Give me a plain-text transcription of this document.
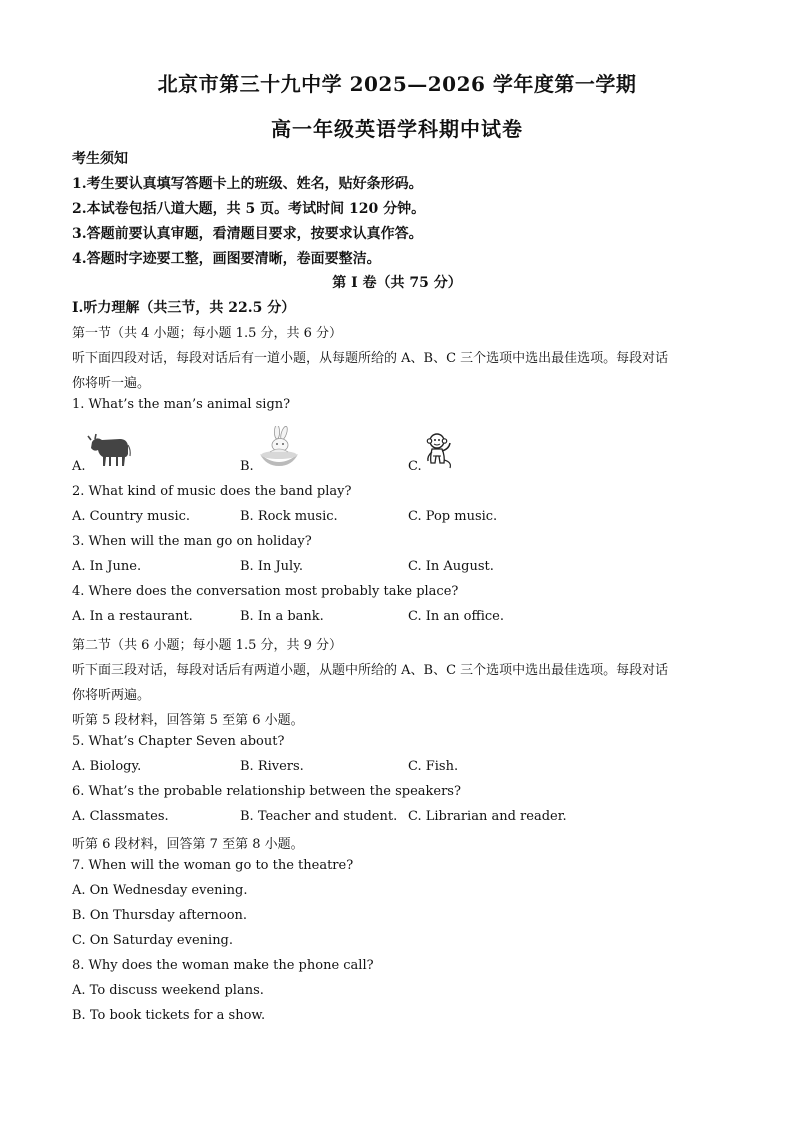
北京市第三十九中学 2025—2026 学年度第一学期
高一年级英语学科期中试卷
考生须知
1.考生要认真填写答题卡上的班级、姓名，贴好条形码。
2.本试卷包括八道大题，共 5 页。考试时间 120 分钟。
3.答题前要认真审题，看清题目要求，按要求认真作答。
4.答题时字迹要工整，画图要清晰，卷面要整洁。
第 I 卷（共 75 分）
I.听力理解（共三节，共 22.5 分）
第一节（共 4 小题；每小题 1.5 分，共 6 分）
听下面四段对话，每段对话后有一道小题，从每题所给的 A、B、C 三个选项中选出最佳选项。每段对话
你将听一遍。
1. What’s the man’s animal sign?
A.	B.	C.
2. What kind of music does the band play?
A. Country music.	B. Rock music.	C. Pop music.
3. When will the man go on holiday?
A. In June.	B. In July.	C. In August.
4. Where does the conversation most probably take place?
A. In a restaurant.	B. In a bank.	C. In an office.
第二节（共 6 小题；每小题 1.5 分，共 9 分）
听下面三段对话，每段对话后有两道小题，从题中所给的 A、B、C 三个选项中选出最佳选项。每段对话
你将听两遍。
听第 5 段材料，回答第 5 至第 6 小题。
5. What’s Chapter Seven about?
A. Biology.	B. Rivers.	C. Fish.
6. What’s the probable relationship between the speakers?
A. Classmates.	B. Teacher and student. C. Librarian and reader.
听第 6 段材料，回答第 7 至第 8 小题。
7. When will the woman go to the theatre?
A. On Wednesday evening.
B. On Thursday afternoon.
C. On Saturday evening.
8. Why does the woman make the phone call?
A. To discuss weekend plans.
B. To book tickets for a show.
